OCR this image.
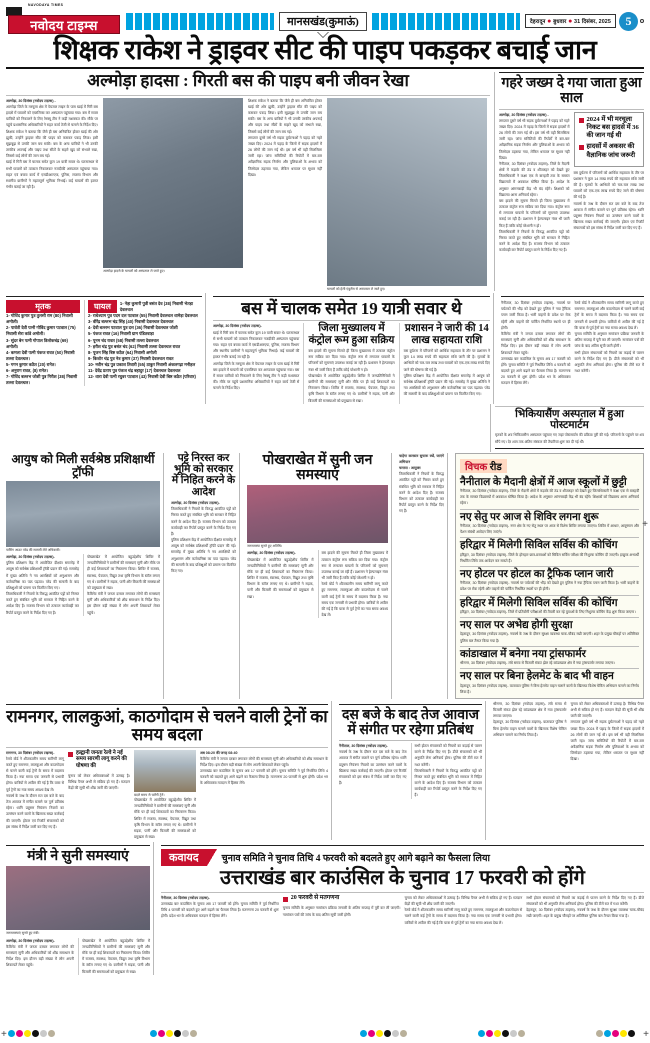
NAVODAYA TIMES
नवोदय टाइम्स	मानसखंड(कुमाऊं)	देहरादून ● बुधवार ● 31 दिसंबर, 2025	5
शिक्षक राकेश ने ड्राइवर सीट की पाइप पकड़कर बचाई जान
अल्मोड़ा हादसा : गिरती बस की पाइप बनी जीवन रेखा
अल्मोड़ा, 30 दिसंबर (नवोदय टाइम्स) -
अल्मोड़ा जिले के मरचूला क्षेत्र में पेयजल लाइन के पास खाई में गिरी बस हादसे में घायलों को एयरलिफ्ट कर अस्पताल पहुंचाया गया। बस में सवार यात्रियों को निकालने के लिए रेस्क्यू टीम ने कड़ी मशक्कत की। मौके पर पहुंचे प्रशासनिक अधिकारियों ने राहत कार्य तेजी से चलाने के निर्देश दिए।
शिक्षक राकेश ने बताया कि जैसे ही बस अनियंत्रित होकर खाई की ओर झुकी, उन्होंने ड्राइवर सीट की पाइप को कसकर पकड़ लिया। इसी सूझबूझ से उनकी जान बच सकी। बस के अन्य यात्रियों ने भी उनकी तरकीब अपनाई और पाइप तथा सीटों के सहारे खुद को संभाले रखा, जिससे कई लोगों की जान बच गई।
खाई में गिरी बस में चालक समेत कुल 19 यात्री सवार थे। घटनास्थल से सभी घायलों को तत्काल निकालकर नजदीकी अस्पताल पहुंचाया गया। राहत एवं बचाव कार्य में एसडीआरएफ, पुलिस, राजस्व विभाग और स्थानीय ग्रामीणों ने महत्वपूर्ण भूमिका निभाई। कई घायलों की हालत गंभीर बताई जा रही है।
अल्मोड़ा हादसे के घायलों को अस्पताल ले जाते हुए।
शिक्षक राकेश ने बताया कि जैसे ही बस अनियंत्रित होकर खाई की ओर झुकी, उन्होंने ड्राइवर सीट की पाइप को कसकर पकड़ लिया। इसी सूझबूझ से उनकी जान बच सकी। बस के अन्य यात्रियों ने भी उनकी तरकीब अपनाई और पाइप तथा सीटों के सहारे खुद को संभाले रखा, जिससे कई लोगों की जान बच गई।
लगातार दूसरे वर्ष भी सड़क दुर्घटनाओं ने पहाड़ को गहरे जख्म दिए। 2024 में पहाड़ के जिलों में सड़क हादसों में 26 लोगों की जान गई थी। इस वर्ष भी वही सिलसिला जारी रहा। जांच समितियों की रिपोर्टों में बार-बार अवैज्ञानिक सड़क निर्माण और पुलियाओं के अभाव को जिम्मेदार ठहराया गया, लेकिन धरातल पर सुधार नहीं दिखा।
घायलों को हेली एंबुलेंस से अस्पताल ले जाते हुए।
गहरे जख्म दे गया जाता हुआ साल
अल्मोड़ा, 30 दिसंबर (नवोदय टाइम्स) -
लगातार दूसरे वर्ष भी सड़क दुर्घटनाओं ने पहाड़ को गहरे जख्म दिए। 2024 में पहाड़ के जिलों में सड़क हादसों में 26 लोगों की जान गई थी। इस वर्ष भी वही सिलसिला जारी रहा। जांच समितियों की रिपोर्टों में बार-बार अवैज्ञानिक सड़क निर्माण और पुलियाओं के अभाव को जिम्मेदार ठहराया गया, लेकिन धरातल पर सुधार नहीं दिखा।
नैनीताल, 30 दिसंबर (नवोदय टाइम्स)- जिले के मैदानी क्षेत्रों में कड़ाके की ठंड व शीतलहर को देखते हुए जिलाधिकारी ने कक्षा एक से बारहवीं तक के समस्त विद्यालयों में अवकाश घोषित किया है। आदेश के अनुसार आंगनबाड़ी केंद्र भी बंद रहेंगे। शिक्षकों को विद्यालय आना अनिवार्य रहेगा।
बस हादसे की सूचना मिलते ही जिला मुख्यालय में तत्काल कंट्रोल रूम सक्रिय कर दिया गया। कंट्रोल रूम से लगातार घायलों के परिजनों को सूचनाएं उपलब्ध कराई जा रही हैं। प्रशासन ने हेल्पलाइन नंबर भी जारी किए हैं ताकि कोई परेशानी न हो।
जिलाधिकारी ने नियमों के विरुद्ध आवंटित पट्टों को निरस्त करते हुए संबंधित भूमि को सरकार में निहित करने के आदेश दिए हैं। राजस्व विभाग को तत्काल कार्यवाही कर रिपोर्ट प्रस्तुत करने के निर्देश दिए गए हैं।
2024 में भी मरचूला निकट बस हादसे में 36 की जान गई थी
हादसों में अकसर की वैज्ञानिक जांच जरूरी
बस दुर्घटना में परिजनों को आर्थिक सहायता के तौर पर प्रशासन ने कुल 14 लाख रुपये की सहायता राशि जारी की है। मृतकों के आश्रितों को चार-चार लाख तथा घायलों को एक-एक लाख रुपये दिए जाने की घोषणा की गई है।
नववर्ष के जश्न के दौरान रात दस बजे के बाद तेज आवाज में संगीत बजाने पर पूर्ण प्रतिबंध रहेगा। ध्वनि प्रदूषण नियंत्रण नियमों का उल्लंघन करने वालों के खिलाफ सख्त कार्रवाई की जाएगी। होटल एवं रिजॉर्ट संचालकों को इस संबंध में निर्देश जारी कर दिए गए हैं।
मृतक
1- गोविंद कुमार पुत्र तुलसी राम (80) निवासी अमोली।
2- पार्वती देवी पत्नी गोविंद कुमार पटवाल (75) निवासी सेरा कांडे अमोली।
3- सुंदर बेन पत्नी गोपाल त्रिलोकचंद्र (69) अमोली।
4- कमला देवी पत्नी पंकज रावत (50) निवासी तल्ला देवलथल।
5- गगन कुमार कठैत (20) रानेत।
6- अनुराग रावत, (8) रानेत।
7- गोविंद बल्लभ जोशी पुत्र गिरीश (38) निवासी तल्ला देवलथल।
घायल	1- नेहा कुमारी पुत्री बसंत देव (38) निवासी भेतड़ा देवलथल
2- राधेश्याम पुत्र पदम दत्त पटवाल (55) निवासी देवलथल धामेड़ा देवलथल
3- वीरेंद्र बल्लभ चंद्र सिंह (40) निवासी देवलथल देवलथल
4- देवी बल्लभ पटवाल पुत्र दत्त (36) निवासी देवलथल जोशी
5- पंकज रावत (16) निवासी ग्राम पंडितवाड़ा
6- पूनम चंद रावत (58) निवासी तल्ला देवलथल
7- हरीश चंद्र पुत्र बसंत चंद (62) निवासी तल्ला देवलथल रावत
8- पूजन सिंह बिष्ट कठैत (64) निवासी अमोली
9- किशोर चंद्र पुत्र नेत्र कुमार (37) निवासी देवलथल रावत
10- नवीन चंद्र पुत्र प्रकाश तिवारी (55) ठाकुर निवासी अंकलगढ़ा मनीहल
11- देवेंद्र प्रताप पुत्र पंकज चंद्र बहादुर (17) देवलथल देवलथल
12- धारा देवी पत्नी रघुवर पटवाल (43) निवासी देवी बिष्ट कठैत (परिवार)
बस में चालक समेत 19 यात्री सवार थे
अल्मोड़ा, 30 दिसंबर (नवोदय टाइम्स)-
खाई में गिरी बस में चालक समेत कुल 19 यात्री सवार थे। घटनास्थल से सभी घायलों को तत्काल निकालकर नजदीकी अस्पताल पहुंचाया गया। राहत एवं बचाव कार्य में एसडीआरएफ, पुलिस, राजस्व विभाग और स्थानीय ग्रामीणों ने महत्वपूर्ण भूमिका निभाई। कई घायलों की हालत गंभीर बताई जा रही है।
अल्मोड़ा जिले के मरचूला क्षेत्र में पेयजल लाइन के पास खाई में गिरी बस हादसे में घायलों को एयरलिफ्ट कर अस्पताल पहुंचाया गया। बस में सवार यात्रियों को निकालने के लिए रेस्क्यू टीम ने कड़ी मशक्कत की। मौके पर पहुंचे प्रशासनिक अधिकारियों ने राहत कार्य तेजी से चलाने के निर्देश दिए।
जिला मुख्यालय में कंट्रोल रूम हुआ सक्रिय
बस हादसे की सूचना मिलते ही जिला मुख्यालय में तत्काल कंट्रोल रूम सक्रिय कर दिया गया। कंट्रोल रूम से लगातार घायलों के परिजनों को सूचनाएं उपलब्ध कराई जा रही हैं। प्रशासन ने हेल्पलाइन नंबर भी जारी किए हैं ताकि कोई परेशानी न हो।
पोखराखेत में आयोजित बहुउद्देशीय शिविर में जनप्रतिनिधियों ने ग्रामीणों की समस्याएं सुनीं और मौके पर ही कई शिकायतों का निस्तारण किया। शिविर में राजस्व, स्वास्थ्य, पेयजल, विद्युत तथा कृषि विभाग के स्टॉल लगाए गए थे। ग्रामीणों ने सड़क, पानी और बिजली की समस्याओं को प्रमुखता से रखा।
प्रशासन ने जारी की 14 लाख सहायता राशि
बस दुर्घटना में परिजनों को आर्थिक सहायता के तौर पर प्रशासन ने कुल 14 लाख रुपये की सहायता राशि जारी की है। मृतकों के आश्रितों को चार-चार लाख तथा घायलों को एक-एक लाख रुपये दिए जाने की घोषणा की गई है।
पुलिस प्रशिक्षण केंद्र में आयोजित दीक्षांत समारोह में आयुष को सर्वश्रेष्ठ प्रशिक्षार्थी ट्रॉफी प्रदान की गई। समारोह में मुख्य अतिथि ने नव आरक्षियों को अनुशासन और कर्तव्यनिष्ठा का पाठ पढ़ाया। परेड की सलामी के बाद प्रशिक्षुओं को प्रमाण पत्र वितरित किए गए।
नैनीताल, 30 दिसंबर (नवोदय टाइम्स)- नववर्ष पर पर्यटकों की भीड़ को देखते हुए पुलिस ने नया ट्रैफिक प्लान जारी किया है। भारी वाहनों के प्रवेश पर रोक रहेगी और वाहनों की पार्किंग निर्धारित स्थलों पर ही होगी।
कैबिनेट मंत्री ने जनता दरबार लगाकर लोगों की समस्याएं सुनीं और अधिकारियों को शीघ्र समाधान के निर्देश दिए। इस दौरान बड़ी संख्या में लोग अपनी शिकायतें लेकर पहुंचे।
उत्तराखंड बार काउंसिल के चुनाव अब 17 फरवरी को होंगे। चुनाव समिति ने पूर्व निर्धारित तिथि 4 फरवरी को बदलते हुए आगे बढ़ाने का फैसला लिया है। मतगणना 20 फरवरी से शुरू होगी। प्रदेश भर के अधिवक्ता मतदान में हिस्सा लेंगे।
रेलवे बोर्ड ने शीतकालीन समय सारिणी लागू करते हुए रामनगर, लालकुआं और काठगोदाम से चलने वाली कई ट्रेनों के समय में बदलाव किया है। नया समय एक जनवरी से प्रभावी होगा। यात्रियों से अपील की गई है कि यात्रा से पूर्व ट्रेनों का नया समय अवश्य देख लें।
चुनाव समिति के अनुसार नामांकन प्रक्रिया जनवरी के अंतिम सप्ताह में पूरी कर ली जाएगी। नामांकन पत्रों की जांच के बाद अंतिम सूची जारी होगी।
सभी होटल संचालकों को नियमों का कड़ाई से पालन करने के निर्देश दिए गए हैं। डीजे संचालकों को भी अनुमति लेना अनिवार्य होगा। पुलिस की टीमें रात में गश्त करेंगी।
भिकियासैंण अस्पताल में हुआ पोस्टमार्टम
मृतकों के शव भिकियासैंण अस्पताल पहुंचाए गए जहां पोस्टमार्टम की प्रक्रिया पूरी की गई। परिजनों के पहुंचने पर शव सौंपे गए। देर शाम तक अंतिम संस्कार की तैयारियां शुरू कर दी गई थीं।
आयुष को मिली सर्वश्रेष्ठ प्रशिक्षार्थी ट्रॉफी
पासिंग आउट परेड की सलामी लेते अधिकारी।
अल्मोड़ा, 30 दिसंबर (नवोदय टाइम्स)-
पुलिस प्रशिक्षण केंद्र में आयोजित दीक्षांत समारोह में आयुष को सर्वश्रेष्ठ प्रशिक्षार्थी ट्रॉफी प्रदान की गई। समारोह में मुख्य अतिथि ने नव आरक्षियों को अनुशासन और कर्तव्यनिष्ठा का पाठ पढ़ाया। परेड की सलामी के बाद प्रशिक्षुओं को प्रमाण पत्र वितरित किए गए।
जिलाधिकारी ने नियमों के विरुद्ध आवंटित पट्टों को निरस्त करते हुए संबंधित भूमि को सरकार में निहित करने के आदेश दिए हैं। राजस्व विभाग को तत्काल कार्यवाही कर रिपोर्ट प्रस्तुत करने के निर्देश दिए गए हैं।
पोखराखेत में आयोजित बहुउद्देशीय शिविर में जनप्रतिनिधियों ने ग्रामीणों की समस्याएं सुनीं और मौके पर ही कई शिकायतों का निस्तारण किया। शिविर में राजस्व, स्वास्थ्य, पेयजल, विद्युत तथा कृषि विभाग के स्टॉल लगाए गए थे। ग्रामीणों ने सड़क, पानी और बिजली की समस्याओं को प्रमुखता से रखा।
कैबिनेट मंत्री ने जनता दरबार लगाकर लोगों की समस्याएं सुनीं और अधिकारियों को शीघ्र समाधान के निर्देश दिए। इस दौरान बड़ी संख्या में लोग अपनी शिकायतें लेकर पहुंचे।
पट्टे निरस्त कर भूमि को सरकार में निहित करने के आदेश
अल्मोड़ा, 30 दिसंबर (नवोदय टाइम्स)-
जिलाधिकारी ने नियमों के विरुद्ध आवंटित पट्टों को निरस्त करते हुए संबंधित भूमि को सरकार में निहित करने के आदेश दिए हैं। राजस्व विभाग को तत्काल कार्यवाही कर रिपोर्ट प्रस्तुत करने के निर्देश दिए गए हैं।
पुलिस प्रशिक्षण केंद्र में आयोजित दीक्षांत समारोह में आयुष को सर्वश्रेष्ठ प्रशिक्षार्थी ट्रॉफी प्रदान की गई। समारोह में मुख्य अतिथि ने नव आरक्षियों को अनुशासन और कर्तव्यनिष्ठा का पाठ पढ़ाया। परेड की सलामी के बाद प्रशिक्षुओं को प्रमाण पत्र वितरित किए गए।
पोखराखेत में सुनी जन समस्याएं
जनसमस्या सुनते हुए अतिथि।
अल्मोड़ा, 30 दिसंबर (नवोदय टाइम्स)-
पोखराखेत में आयोजित बहुउद्देशीय शिविर में जनप्रतिनिधियों ने ग्रामीणों की समस्याएं सुनीं और मौके पर ही कई शिकायतों का निस्तारण किया। शिविर में राजस्व, स्वास्थ्य, पेयजल, विद्युत तथा कृषि विभाग के स्टॉल लगाए गए थे। ग्रामीणों ने सड़क, पानी और बिजली की समस्याओं को प्रमुखता से रखा।
बस हादसे की सूचना मिलते ही जिला मुख्यालय में तत्काल कंट्रोल रूम सक्रिय कर दिया गया। कंट्रोल रूम से लगातार घायलों के परिजनों को सूचनाएं उपलब्ध कराई जा रही हैं। प्रशासन ने हेल्पलाइन नंबर भी जारी किए हैं ताकि कोई परेशानी न हो।
रेलवे बोर्ड ने शीतकालीन समय सारिणी लागू करते हुए रामनगर, लालकुआं और काठगोदाम से चलने वाली कई ट्रेनों के समय में बदलाव किया है। नया समय एक जनवरी से प्रभावी होगा। यात्रियों से अपील की गई है कि यात्रा से पूर्व ट्रेनों का नया समय अवश्य देख लें।
चाहेगा कलस्टर सुचारू रखें, जाएंगे अभियान
चलाया : आयुक्त
जिलाधिकारी ने नियमों के विरुद्ध आवंटित पट्टों को निरस्त करते हुए संबंधित भूमि को सरकार में निहित करने के आदेश दिए हैं। राजस्व विभाग को तत्काल कार्यवाही कर रिपोर्ट प्रस्तुत करने के निर्देश दिए गए हैं।
विचक रीड
नैनीताल के मैदानी क्षेत्रों में आज स्कूलों में छुट्टी
नैनीताल, 30 दिसंबर (नवोदय टाइम्स)- जिले के मैदानी क्षेत्रों में कड़ाके की ठंड व शीतलहर को देखते हुए जिलाधिकारी ने कक्षा एक से बारहवीं तक के समस्त विद्यालयों में अवकाश घोषित किया है। आदेश के अनुसार आंगनबाड़ी केंद्र भी बंद रहेंगे। शिक्षकों को विद्यालय आना अनिवार्य रहेगा।
नए सेतु पर आज से शिविर लगना शुरू
नैनीताल, 30 दिसंबर (नवोदय टाइम्स)- नगर क्षेत्र के नए सेतु स्थल पर आज से विशेष शिविर लगाया जाएगा। शिविर में आधार, आयुष्मान और पेंशन संबंधी आवेदन लिए जाएंगे।
हरिद्वार में मिलेगी सिविल सर्विस की कोचिंग
हरिद्वार, 30 दिसंबर (नवोदय टाइम्स)- जिले के होनहार छात्र-छात्राओं को सिविल सर्विस परीक्षा की निशुल्क कोचिंग दी जाएगी। इच्छुक अभ्यर्थी निर्धारित तिथि तक आवेदन कर सकते हैं।
नए होटल पर होटल का ट्रैफिक प्लान जारी
नैनीताल, 30 दिसंबर (नवोदय टाइम्स)- नववर्ष पर पर्यटकों की भीड़ को देखते हुए पुलिस ने नया ट्रैफिक प्लान जारी किया है। भारी वाहनों के प्रवेश पर रोक रहेगी और वाहनों की पार्किंग निर्धारित स्थलों पर ही होगी।
हरिद्वार में मिलेगी सिविल सर्विस की कोचिंग
हरिद्वार, 30 दिसंबर (नवोदय टाइम्स)- जिले में प्रतियोगी परीक्षाओं की तैयारी कर रहे युवाओं के लिए निशुल्क कोचिंग केंद्र शुरू किया जाएगा।
नए साल पर अभेद्य होगी सुरक्षा
देहरादून, 30 दिसंबर (नवोदय टाइम्स)- नववर्ष के जश्न के दौरान सुरक्षा व्यवस्था चाक-चौबंद रखी जाएगी। शहर के प्रमुख चौराहों पर अतिरिक्त पुलिस बल तैनात किया गया है।
कांडाखाल में बनेगा नया ट्रांसफार्मर
श्रीनगर, 30 दिसंबर (नवोदय टाइम्स)- लंबे समय से बिजली संकट झेल रहे कांडाखाल क्षेत्र में नया ट्रांसफार्मर लगाया जाएगा।
नए साल पर बिना हेलमेट के बाद भी वाहन
देहरादून, 30 दिसंबर (नवोदय टाइम्स)- यातायात पुलिस ने बिना हेलमेट वाहन चलाने वालों के खिलाफ विशेष चेकिंग अभियान चलाने का निर्णय लिया है।
रामनगर, लालकुआं, काठगोदाम से चलने वाली ट्रेनों का समय बदला
रामनगर, 30 दिसंबर (नवोदय टाइम्स)-
रेलवे बोर्ड ने शीतकालीन समय सारिणी लागू करते हुए रामनगर, लालकुआं और काठगोदाम से चलने वाली कई ट्रेनों के समय में बदलाव किया है। नया समय एक जनवरी से प्रभावी होगा। यात्रियों से अपील की गई है कि यात्रा से पूर्व ट्रेनों का नया समय अवश्य देख लें।
नववर्ष के जश्न के दौरान रात दस बजे के बाद तेज आवाज में संगीत बजाने पर पूर्ण प्रतिबंध रहेगा। ध्वनि प्रदूषण नियंत्रण नियमों का उल्लंघन करने वालों के खिलाफ सख्त कार्रवाई की जाएगी। होटल एवं रिजॉर्ट संचालकों को इस संबंध में निर्देश जारी कर दिए गए हैं।
हल्द्वानी जनता रेल्वे ने नई समय सारणी लागू करने की घोषणा की
चुनाव को लेकर अधिवक्ताओं में उत्साह है। विभिन्न पैनल अभी से सक्रिय हो गए हैं। मतदान केंद्रों की सूची भी शीघ्र जारी की जाएगी।
बदले समय से चलेंगी ट्रेनें।
पोखराखेत में आयोजित बहुउद्देशीय शिविर में जनप्रतिनिधियों ने ग्रामीणों की समस्याएं सुनीं और मौके पर ही कई शिकायतों का निस्तारण किया। शिविर में राजस्व, स्वास्थ्य, पेयजल, विद्युत तथा कृषि विभाग के स्टॉल लगाए गए थे। ग्रामीणों ने सड़क, पानी और बिजली की समस्याओं को प्रमुखता से रखा।
अब 08:20 की जगह 08:40
कैबिनेट मंत्री ने जनता दरबार लगाकर लोगों की समस्याएं सुनीं और अधिकारियों को शीघ्र समाधान के निर्देश दिए। इस दौरान बड़ी संख्या में लोग अपनी शिकायतें लेकर पहुंचे।
उत्तराखंड बार काउंसिल के चुनाव अब 17 फरवरी को होंगे। चुनाव समिति ने पूर्व निर्धारित तिथि 4 फरवरी को बदलते हुए आगे बढ़ाने का फैसला लिया है। मतगणना 20 फरवरी से शुरू होगी। प्रदेश भर के अधिवक्ता मतदान में हिस्सा लेंगे।
दस बजे के बाद तेज आवाज में संगीत पर रहेगा प्रतिबंध
नैनीताल, 30 दिसंबर (नवोदय टाइम्स)-
नववर्ष के जश्न के दौरान रात दस बजे के बाद तेज आवाज में संगीत बजाने पर पूर्ण प्रतिबंध रहेगा। ध्वनि प्रदूषण नियंत्रण नियमों का उल्लंघन करने वालों के खिलाफ सख्त कार्रवाई की जाएगी। होटल एवं रिजॉर्ट संचालकों को इस संबंध में निर्देश जारी कर दिए गए हैं।
सभी होटल संचालकों को नियमों का कड़ाई से पालन करने के निर्देश दिए गए हैं। डीजे संचालकों को भी अनुमति लेना अनिवार्य होगा। पुलिस की टीमें रात में गश्त करेंगी।
जिलाधिकारी ने नियमों के विरुद्ध आवंटित पट्टों को निरस्त करते हुए संबंधित भूमि को सरकार में निहित करने के आदेश दिए हैं। राजस्व विभाग को तत्काल कार्यवाही कर रिपोर्ट प्रस्तुत करने के निर्देश दिए गए हैं।
श्रीनगर, 30 दिसंबर (नवोदय टाइम्स)- लंबे समय से बिजली संकट झेल रहे कांडाखाल क्षेत्र में नया ट्रांसफार्मर लगाया जाएगा।
देहरादून, 30 दिसंबर (नवोदय टाइम्स)- यातायात पुलिस ने बिना हेलमेट वाहन चलाने वालों के खिलाफ विशेष चेकिंग अभियान चलाने का निर्णय लिया है।
चुनाव को लेकर अधिवक्ताओं में उत्साह है। विभिन्न पैनल अभी से सक्रिय हो गए हैं। मतदान केंद्रों की सूची भी शीघ्र जारी की जाएगी।
लगातार दूसरे वर्ष भी सड़क दुर्घटनाओं ने पहाड़ को गहरे जख्म दिए। 2024 में पहाड़ के जिलों में सड़क हादसों में 26 लोगों की जान गई थी। इस वर्ष भी वही सिलसिला जारी रहा। जांच समितियों की रिपोर्टों में बार-बार अवैज्ञानिक सड़क निर्माण और पुलियाओं के अभाव को जिम्मेदार ठहराया गया, लेकिन धरातल पर सुधार नहीं दिखा।
मंत्री ने सुनी समस्याएं
जनसमस्याएं सुनते हुए मंत्री।
अल्मोड़ा, 30 दिसंबर (नवोदय टाइम्स)-
कैबिनेट मंत्री ने जनता दरबार लगाकर लोगों की समस्याएं सुनीं और अधिकारियों को शीघ्र समाधान के निर्देश दिए। इस दौरान बड़ी संख्या में लोग अपनी शिकायतें लेकर पहुंचे।
पोखराखेत में आयोजित बहुउद्देशीय शिविर में जनप्रतिनिधियों ने ग्रामीणों की समस्याएं सुनीं और मौके पर ही कई शिकायतों का निस्तारण किया। शिविर में राजस्व, स्वास्थ्य, पेयजल, विद्युत तथा कृषि विभाग के स्टॉल लगाए गए थे। ग्रामीणों ने सड़क, पानी और बिजली की समस्याओं को प्रमुखता से रखा।
कवायद	चुनाव समिति ने चुनाव तिथि 4 फरवरी को बदलते हुए आगे बढ़ाने का फैसला लिया
उत्तराखंड बार काउंसिल के चुनाव 17 फरवरी को होंगे
नैनीताल, 30 दिसंबर (नवोदय टाइम्स)-
उत्तराखंड बार काउंसिल के चुनाव अब 17 फरवरी को होंगे। चुनाव समिति ने पूर्व निर्धारित तिथि 4 फरवरी को बदलते हुए आगे बढ़ाने का फैसला लिया है। मतगणना 20 फरवरी से शुरू होगी। प्रदेश भर के अधिवक्ता मतदान में हिस्सा लेंगे।
20 फरवरी से मतगणना
चुनाव समिति के अनुसार नामांकन प्रक्रिया जनवरी के अंतिम सप्ताह में पूरी कर ली जाएगी। नामांकन पत्रों की जांच के बाद अंतिम सूची जारी होगी।
चुनाव को लेकर अधिवक्ताओं में उत्साह है। विभिन्न पैनल अभी से सक्रिय हो गए हैं। मतदान केंद्रों की सूची भी शीघ्र जारी की जाएगी।
रेलवे बोर्ड ने शीतकालीन समय सारिणी लागू करते हुए रामनगर, लालकुआं और काठगोदाम से चलने वाली कई ट्रेनों के समय में बदलाव किया है। नया समय एक जनवरी से प्रभावी होगा। यात्रियों से अपील की गई है कि यात्रा से पूर्व ट्रेनों का नया समय अवश्य देख लें।
सभी होटल संचालकों को नियमों का कड़ाई से पालन करने के निर्देश दिए गए हैं। डीजे संचालकों को भी अनुमति लेना अनिवार्य होगा। पुलिस की टीमें रात में गश्त करेंगी।
देहरादून, 30 दिसंबर (नवोदय टाइम्स)- नववर्ष के जश्न के दौरान सुरक्षा व्यवस्था चाक-चौबंद रखी जाएगी। शहर के प्रमुख चौराहों पर अतिरिक्त पुलिस बल तैनात किया गया है।
+	+
+
